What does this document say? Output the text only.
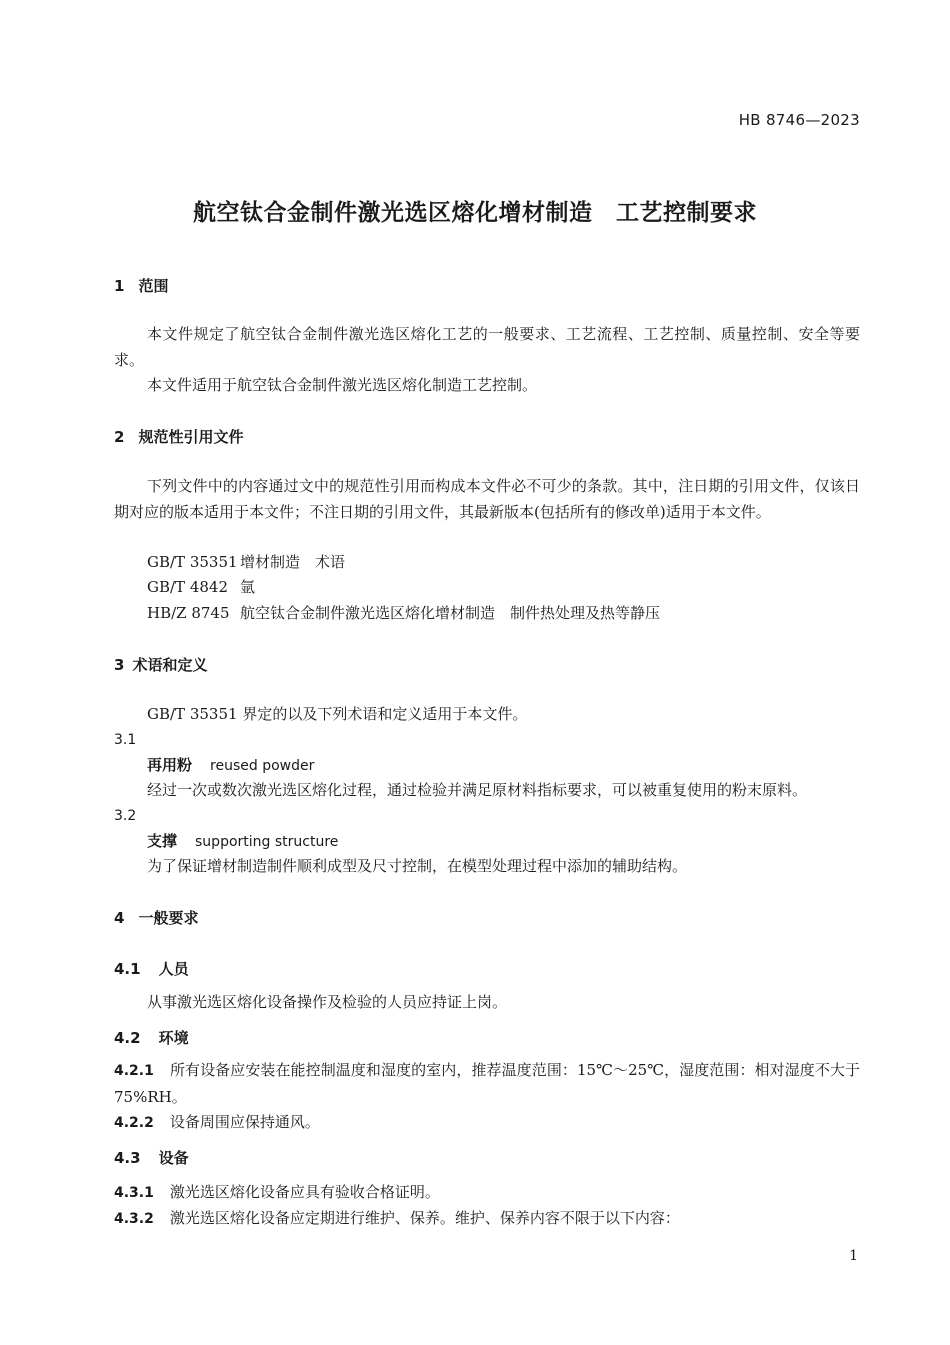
HB 8746—2023
航空钛合金制件激光选区熔化增材制造　工艺控制要求
1 范围
本文件规定了航空钛合金制件激光选区熔化工艺的一般要求、工艺流程、工艺控制、质量控制、安全等要求。
本文件适用于航空钛合金制件激光选区熔化制造工艺控制。
2 规范性引用文件
下列文件中的内容通过文中的规范性引用而构成本文件必不可少的条款。其中，注日期的引用文件，仅该日期对应的版本适用于本文件；不注日期的引用文件，其最新版本(包括所有的修改单)适用于本文件。
GB/T 35351 增材制造　术语
GB/T 4842 氩
HB/Z 8745 航空钛合金制件激光选区熔化增材制造　制件热处理及热等静压
3 术语和定义
GB/T 35351 界定的以及下列术语和定义适用于本文件。
3.1
再用粉 reused powder
经过一次或数次激光选区熔化过程，通过检验并满足原材料指标要求，可以被重复使用的粉末原料。
3.2
支撑 supporting structure
为了保证增材制造制件顺利成型及尺寸控制，在模型处理过程中添加的辅助结构。
4 一般要求
4.1 人员
从事激光选区熔化设备操作及检验的人员应持证上岗。
4.2 环境
4.2.1 所有设备应安装在能控制温度和湿度的室内，推荐温度范围：15℃～25℃，湿度范围：相对湿度不大于 75%RH。
4.2.2 设备周围应保持通风。
4.3 设备
4.3.1 激光选区熔化设备应具有验收合格证明。
4.3.2 激光选区熔化设备应定期进行维护、保养。维护、保养内容不限于以下内容：
1
